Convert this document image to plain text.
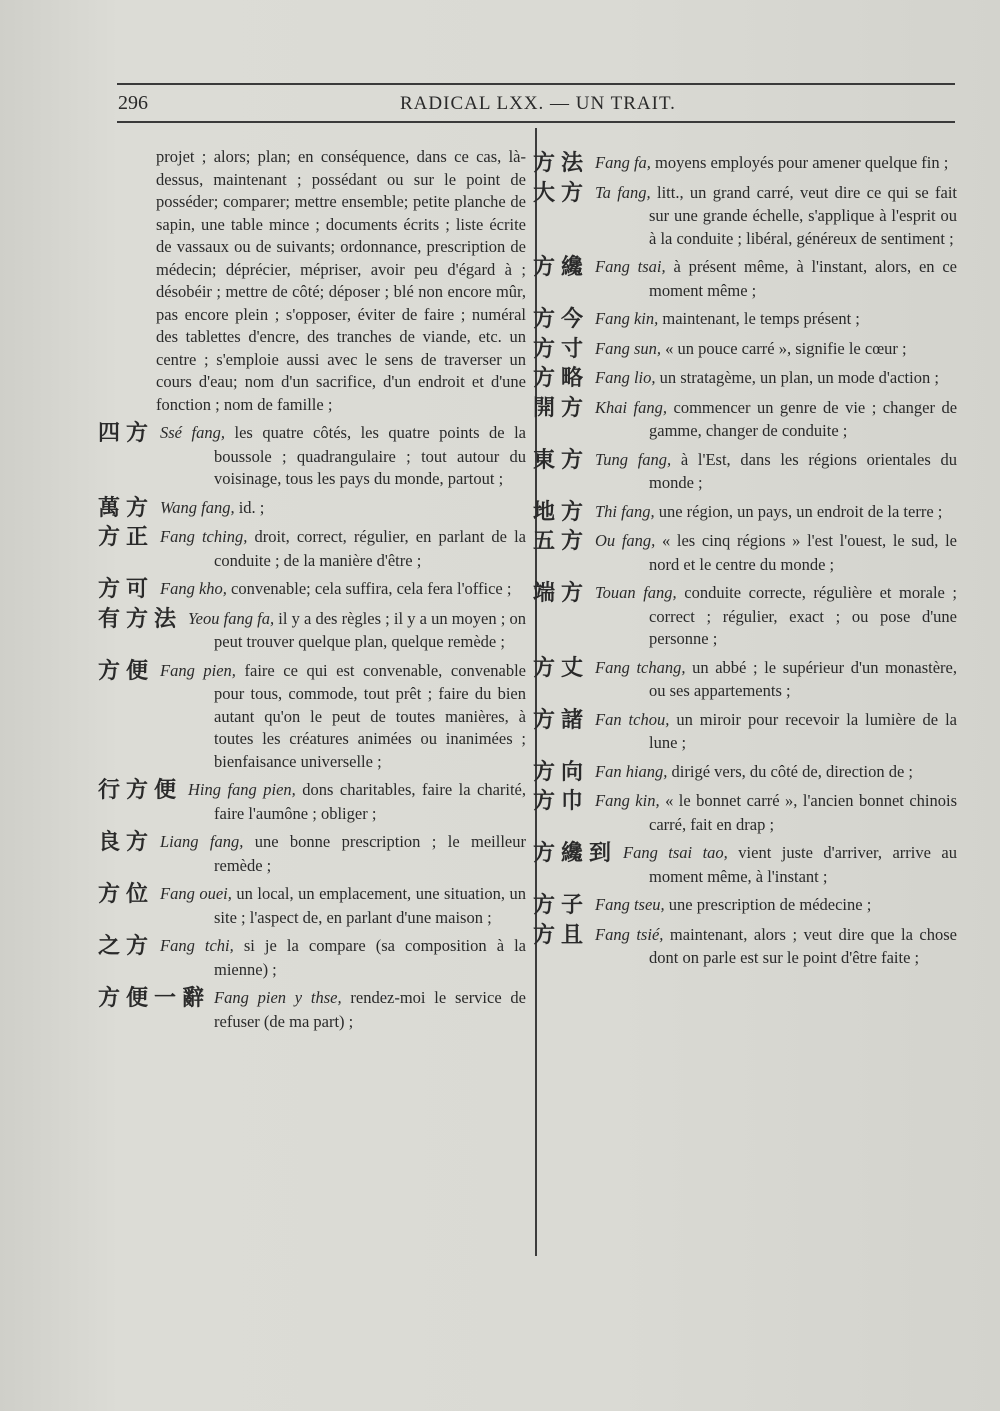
296	RADICAL LXX. — UN TRAIT.

projet ; alors; plan; en conséquence, dans ce cas, là-dessus, maintenant ; possédant ou sur le point de posséder; comparer; mettre ensemble; petite planche de sapin, une table mince ; documents écrits ; liste écrite de vassaux ou de suivants; ordonnance, prescription de médecin; déprécier, mépriser, avoir peu d'égard à ; désobéir ; mettre de côté; déposer ; blé non encore mûr, pas encore plein ; s'opposer, éviter de faire ; numéral des tablettes d'encre, des tranches de viande, etc. un centre ; s'emploie aussi avec le sens de traverser un cours d'eau; nom d'un sacrifice, d'un endroit et d'une fonction ; nom de famille ;

四方 Ssé fang, les quatre côtés, les quatre points de la boussole ; quadrangulaire ; tout autour du voisinage, tous les pays du monde, partout ;
萬方 Wang fang, id. ;
方正 Fang tching, droit, correct, régulier, en parlant de la conduite ; de la manière d'être ;
方可 Fang kho, convenable; cela suffira, cela fera l'office ;
有方法 Yeou fang fa, il y a des règles ; il y a un moyen ; on peut trouver quelque plan, quelque remède ;
方便 Fang pien, faire ce qui est convenable, convenable pour tous, commode, tout prêt ; faire du bien autant qu'on le peut de toutes manières, à toutes les créatures animées ou inanimées ; bienfaisance universelle ;
行方便 Hing fang pien, dons charitables, faire la charité, faire l'aumône ; obliger ;
良方 Liang fang, une bonne prescription ; le meilleur remède ;
方位 Fang ouei, un local, un emplacement, une situation, un site ; l'aspect de, en parlant d'une maison ;
之方 Fang tchi, si je la compare (sa composition à la mienne) ;
方便一辭 Fang pien y thse, rendez-moi le service de refuser (de ma part) ;
方法 Fang fa, moyens employés pour amener quelque fin ;
大方 Ta fang, litt., un grand carré, veut dire ce qui se fait sur une grande échelle, s'applique à l'esprit ou à la conduite ; libéral, généreux de sentiment ;
方纔 Fang tsai, à présent même, à l'instant, alors, en ce moment même ;
方今 Fang kin, maintenant, le temps présent ;
方寸 Fang sun, « un pouce carré », signifie le cœur ;
方略 Fang lio, un stratagème, un plan, un mode d'action ;
開方 Khai fang, commencer un genre de vie ; changer de gamme, changer de conduite ;
東方 Tung fang, à l'Est, dans les régions orientales du monde ;
地方 Thi fang, une région, un pays, un endroit de la terre ;
五方 Ou fang, « les cinq régions » l'est l'ouest, le sud, le nord et le centre du monde ;
端方 Touan fang, conduite correcte, régulière et morale ; correct ; régulier, exact ; ou pose d'une personne ;
方丈 Fang tchang, un abbé ; le supérieur d'un monastère, ou ses appartements ;
方諸 Fan tchou, un miroir pour recevoir la lumière de la lune ;
方向 Fan hiang, dirigé vers, du côté de, direction de ;
方巾 Fang kin, « le bonnet carré », l'ancien bonnet chinois carré, fait en drap ;
方纔到 Fang tsai tao, vient juste d'arriver, arrive au moment même, à l'instant ;
方子 Fang tseu, une prescription de médecine ;
方且 Fang tsié, maintenant, alors ; veut dire que la chose dont on parle est sur le point d'être faite ;
